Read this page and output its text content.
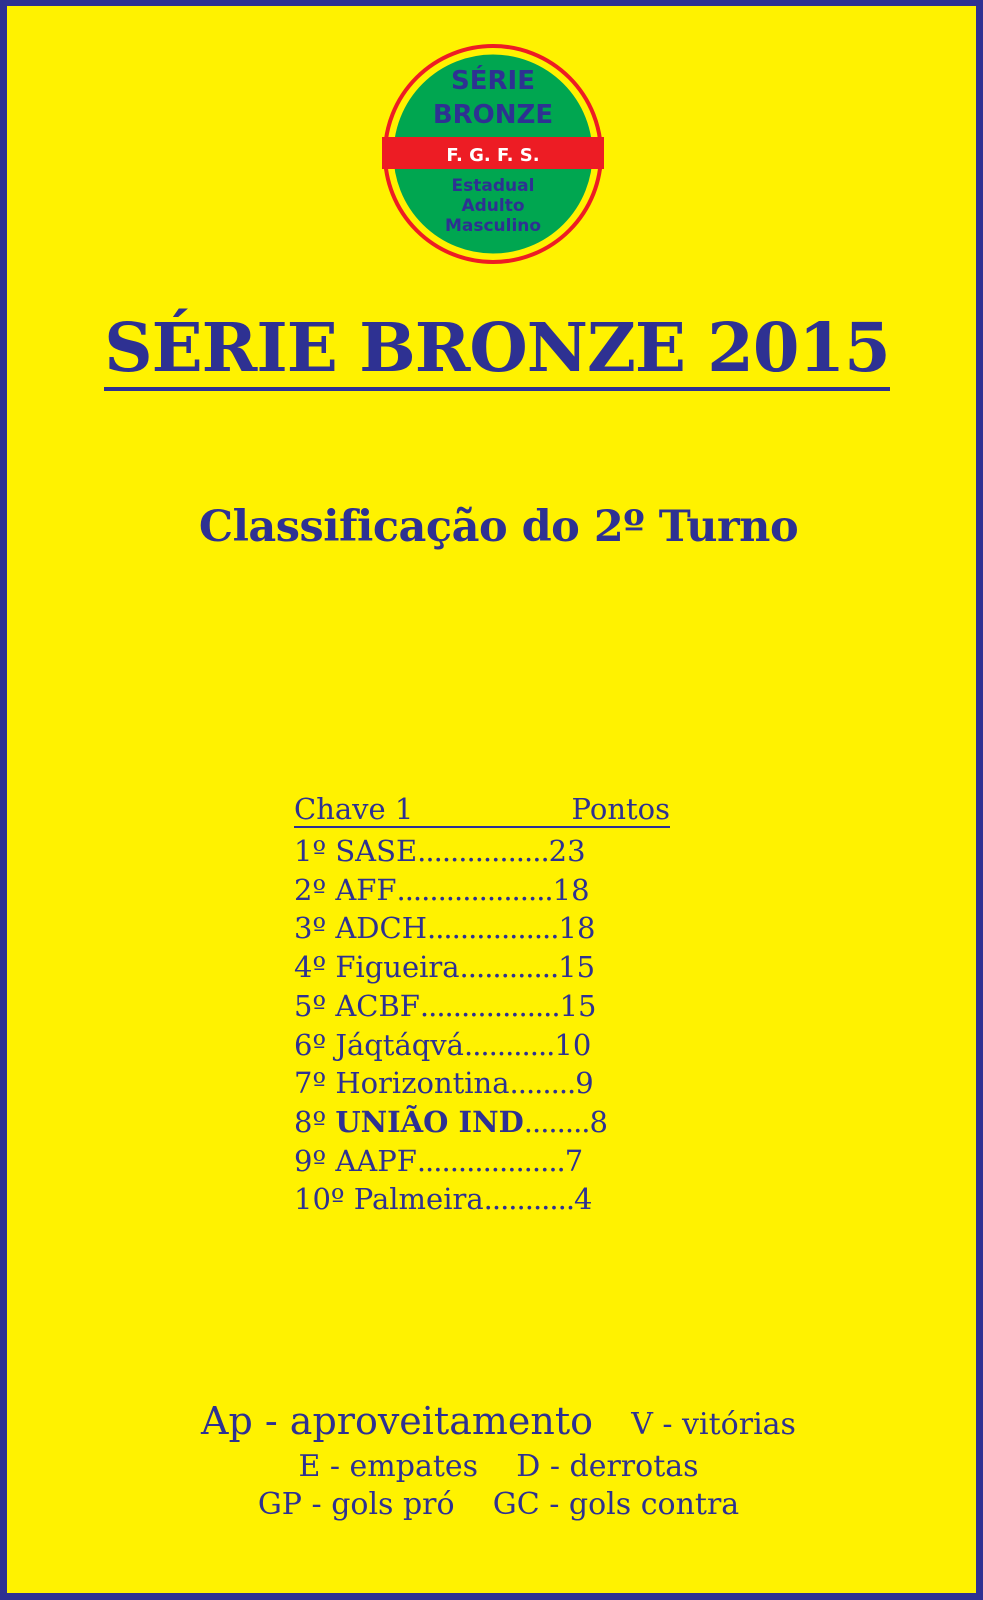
SÉRIE
BRONZE
F. G. F. S.
Estadual
Adulto
Masculino
SÉRIE BRONZE 2015
Classificação do 2º Turno
Chave 1	Pontos
1º SASE................23
2º AFF...................18
3º ADCH................18
4º Figueira............15
5º ACBF.................15
6º Jáqtáqvá...........10
7º Horizontina........9
8º UNIÃO IND........8
9º AAPF..................7
10º Palmeira...........4
Ap - aproveitamento V - vitórias
E - empates D - derrotas
GP - gols pró GC - gols contra
